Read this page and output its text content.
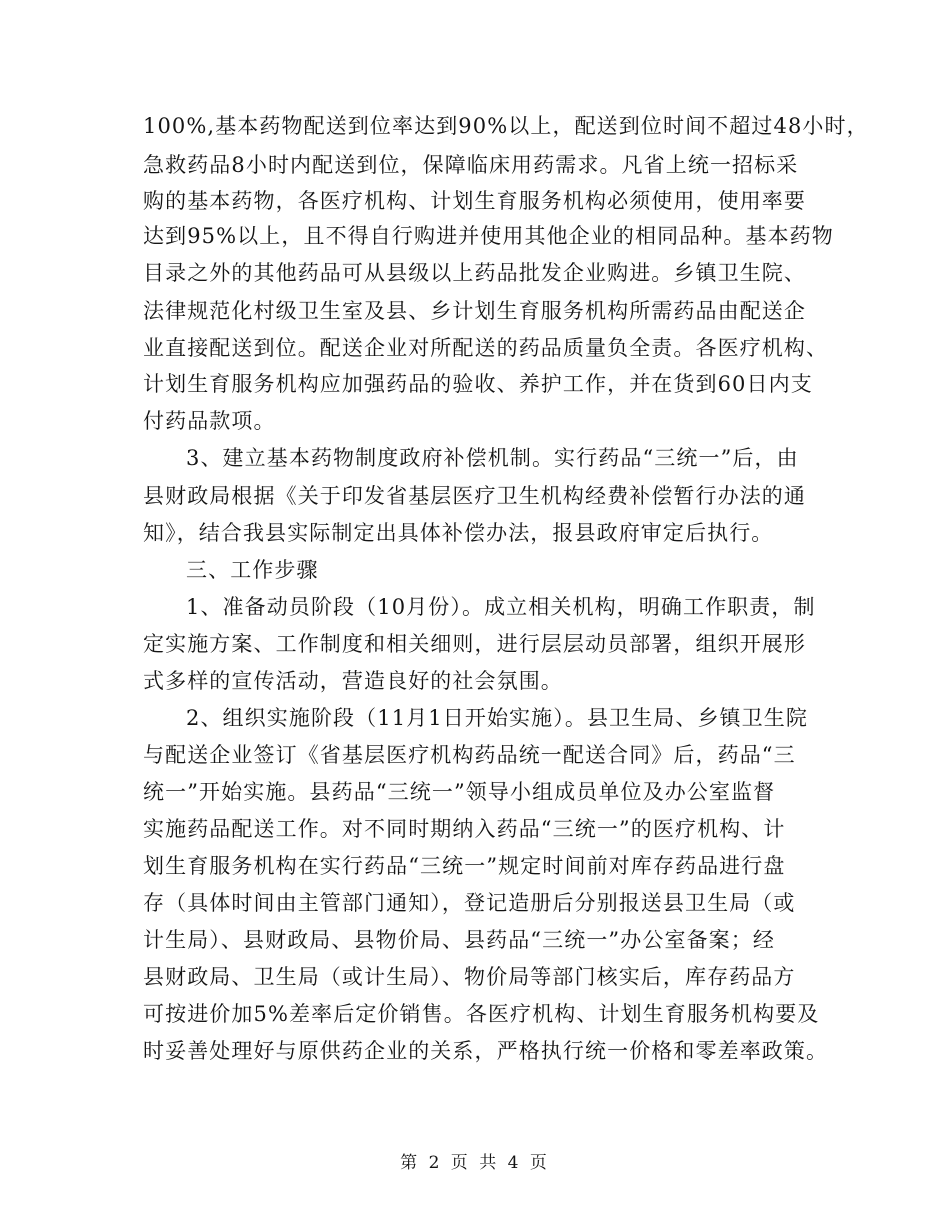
100%,基本药物配送到位率达到90%以上，配送到位时间不超过48小时，
急救药品8小时内配送到位，保障临床用药需求。凡省上统一招标采
购的基本药物，各医疗机构、计划生育服务机构必须使用，使用率要
达到95%以上，且不得自行购进并使用其他企业的相同品种。基本药物
目录之外的其他药品可从县级以上药品批发企业购进。乡镇卫生院、
法律规范化村级卫生室及县、乡计划生育服务机构所需药品由配送企
业直接配送到位。配送企业对所配送的药品质量负全责。各医疗机构、
计划生育服务机构应加强药品的验收、养护工作，并在货到60日内支
付药品款项。
3、建立基本药物制度政府补偿机制。实行药品“三统一”后，由
县财政局根据《关于印发省基层医疗卫生机构经费补偿暂行办法的通
知》，结合我县实际制定出具体补偿办法，报县政府审定后执行。
三、工作步骤
1、准备动员阶段（10月份）。成立相关机构，明确工作职责，制
定实施方案、工作制度和相关细则，进行层层动员部署，组织开展形
式多样的宣传活动，营造良好的社会氛围。
2、组织实施阶段（11月1日开始实施）。县卫生局、乡镇卫生院
与配送企业签订《省基层医疗机构药品统一配送合同》后，药品“三
统一”开始实施。县药品“三统一”领导小组成员单位及办公室监督
实施药品配送工作。对不同时期纳入药品“三统一”的医疗机构、计
划生育服务机构在实行药品“三统一”规定时间前对库存药品进行盘
存（具体时间由主管部门通知），登记造册后分别报送县卫生局（或
计生局）、县财政局、县物价局、县药品“三统一”办公室备案；经
县财政局、卫生局（或计生局）、物价局等部门核实后，库存药品方
可按进价加5%差率后定价销售。各医疗机构、计划生育服务机构要及
时妥善处理好与原供药企业的关系，严格执行统一价格和零差率政策。
第 2 页 共 4 页
